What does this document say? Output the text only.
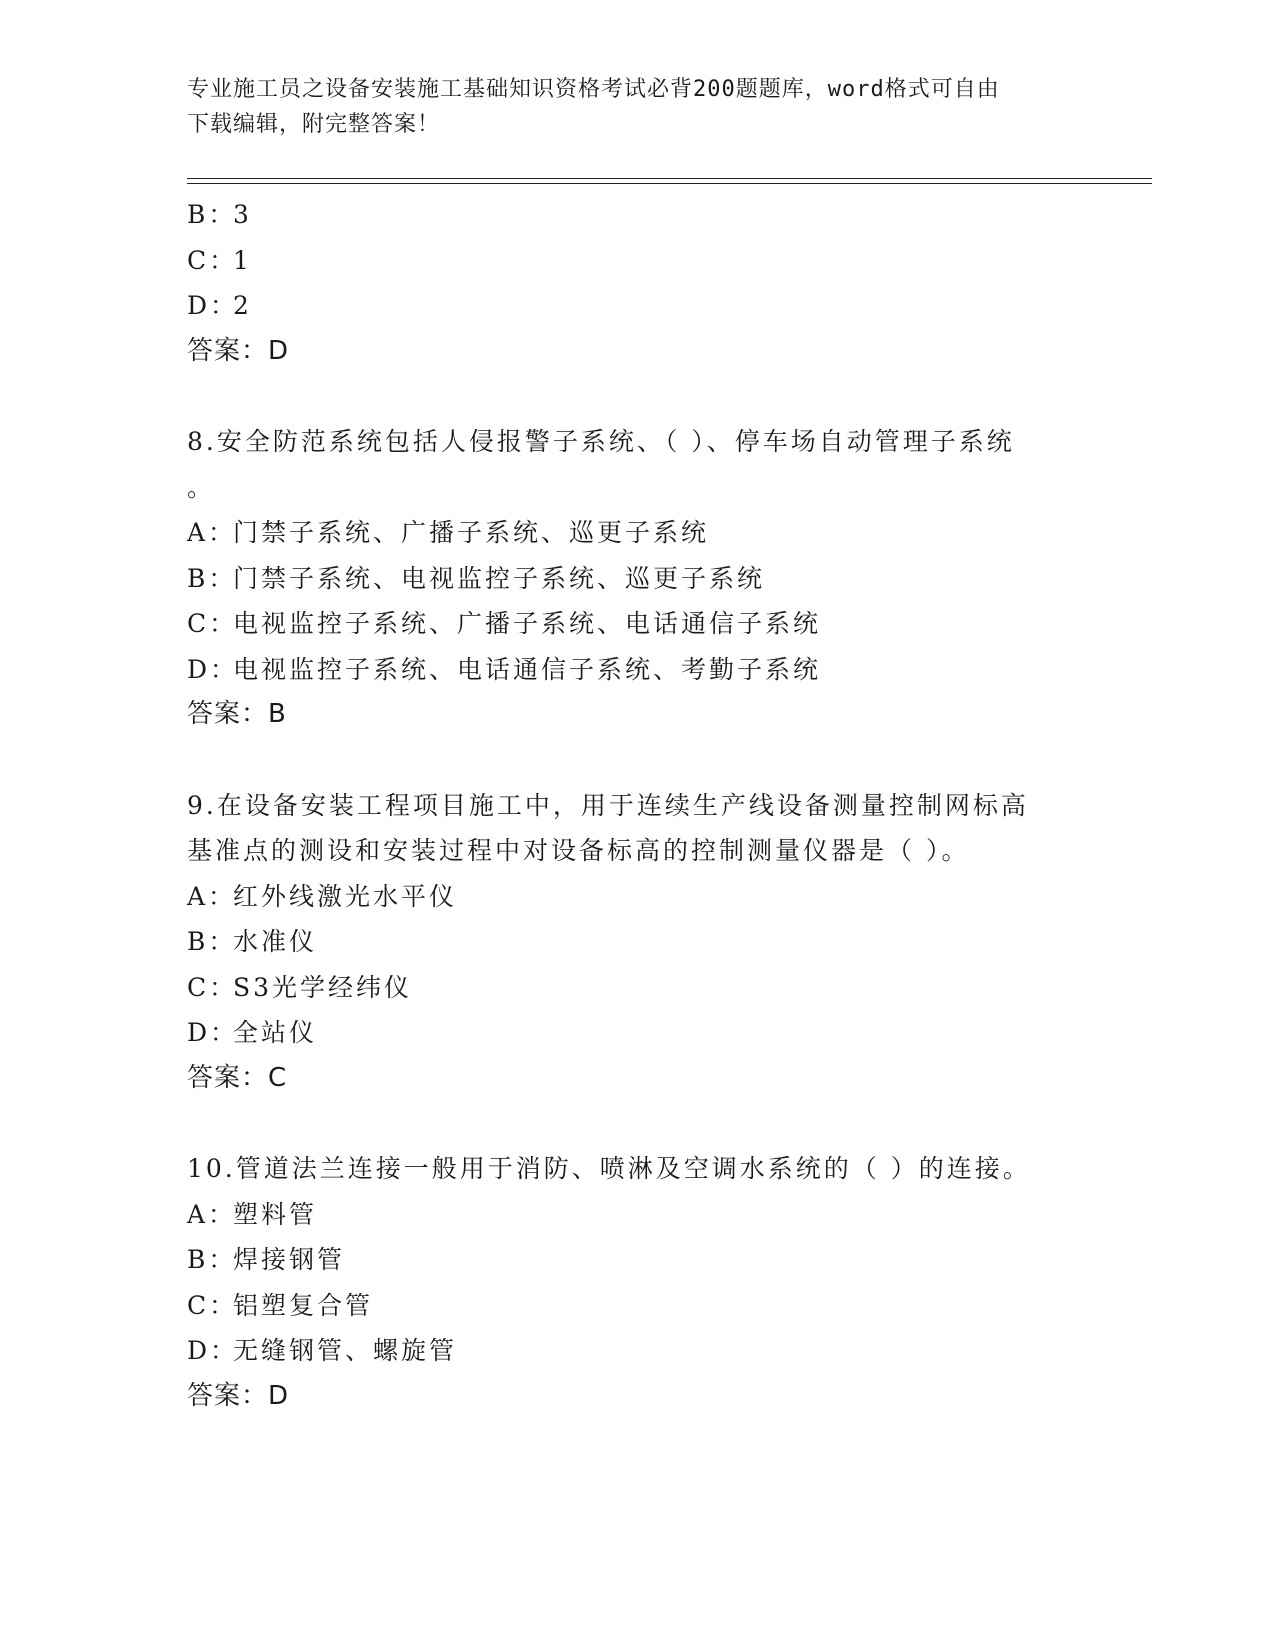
专业施工员之设备安装施工基础知识资格考试必背200题题库，word格式可自由
下载编辑，附完整答案！
B：3
C：1
D：2
答案：D
8.安全防范系统包括人侵报警子系统、（ ）、停车场自动管理子系统
。
A：门禁子系统、广播子系统、巡更子系统
B：门禁子系统、电视监控子系统、巡更子系统
C：电视监控子系统、广播子系统、电话通信子系统
D：电视监控子系统、电话通信子系统、考勤子系统
答案：B
9.在设备安装工程项目施工中，用于连续生产线设备测量控制网标高
基准点的测设和安装过程中对设备标高的控制测量仪器是（ ）。
A：红外线激光水平仪
B：水准仪
C：S3光学经纬仪
D：全站仪
答案：C
10.管道法兰连接一般用于消防、喷淋及空调水系统的（ ）的连接。
A：塑料管
B：焊接钢管
C：铝塑复合管
D：无缝钢管、螺旋管
答案：D
